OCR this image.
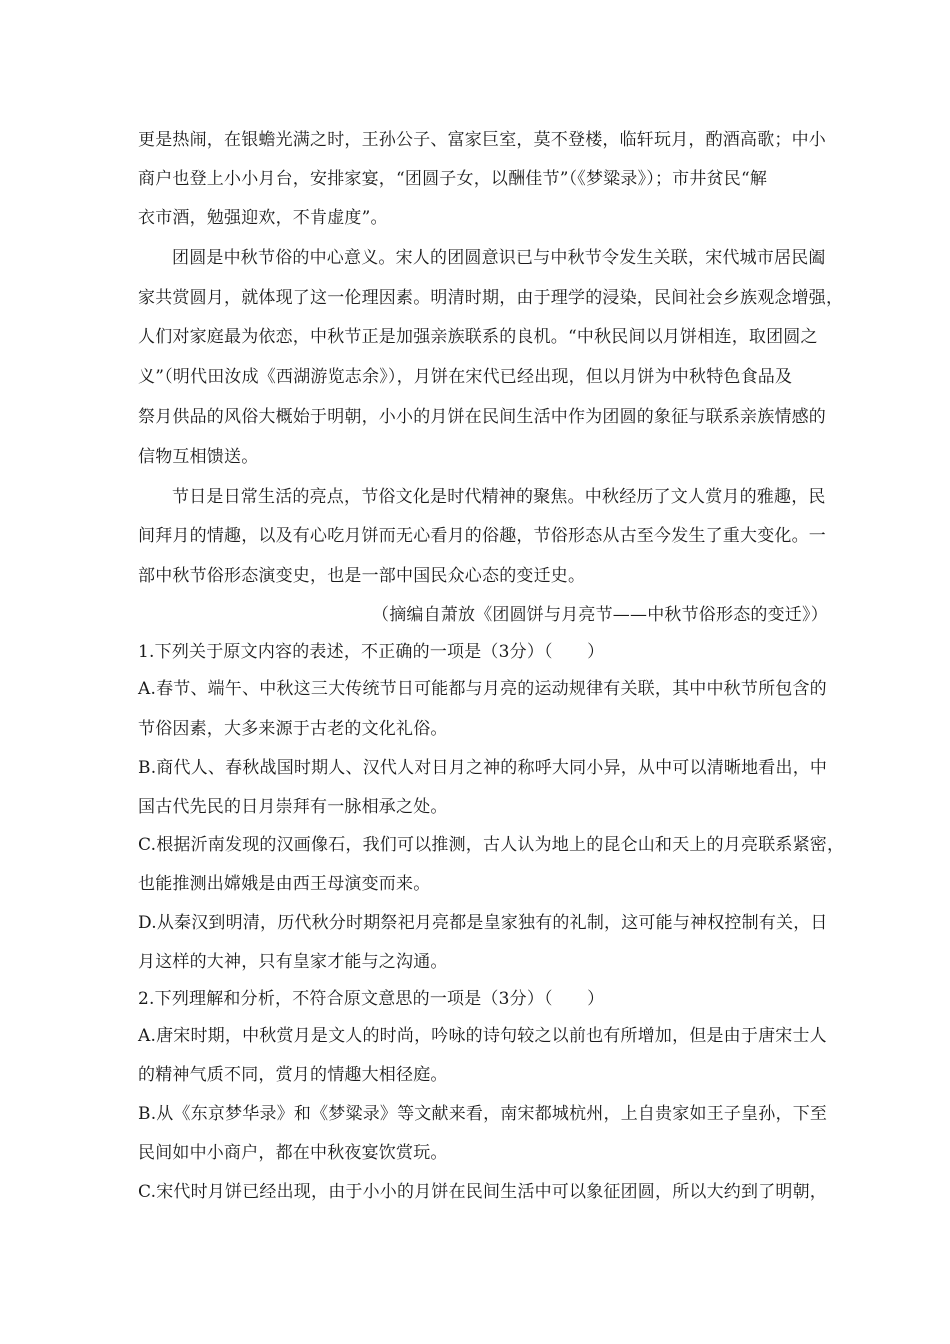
更是热闹，在银蟾光满之时，王孙公子、富家巨室，莫不登楼，临轩玩月，酌酒高歌；中小
商户也登上小小月台，安排家宴，“团圆子女，以酬佳节”（《梦粱录》）；市井贫民“解
衣市酒，勉强迎欢，不肯虚度”。
团圆是中秋节俗的中心意义。宋人的团圆意识已与中秋节令发生关联，宋代城市居民阖
家共赏圆月，就体现了这一伦理因素。明清时期，由于理学的浸染，民间社会乡族观念增强，
人们对家庭最为依恋，中秋节正是加强亲族联系的良机。“中秋民间以月饼相连，取团圆之
义”（明代田汝成《西湖游览志余》），月饼在宋代已经出现，但以月饼为中秋特色食品及
祭月供品的风俗大概始于明朝，小小的月饼在民间生活中作为团圆的象征与联系亲族情感的
信物互相馈送。
节日是日常生活的亮点，节俗文化是时代精神的聚焦。中秋经历了文人赏月的雅趣，民
间拜月的情趣，以及有心吃月饼而无心看月的俗趣，节俗形态从古至今发生了重大变化。一
部中秋节俗形态演变史，也是一部中国民众心态的变迁史。
（摘编自萧放《团圆饼与月亮节——中秋节俗形态的变迁》）
1.下列关于原文内容的表述，不正确的一项是（3分）（　　）
A.春节、端午、中秋这三大传统节日可能都与月亮的运动规律有关联，其中中秋节所包含的
节俗因素，大多来源于古老的文化礼俗。
B.商代人、春秋战国时期人、汉代人对日月之神的称呼大同小异，从中可以清晰地看出，中
国古代先民的日月崇拜有一脉相承之处。
C.根据沂南发现的汉画像石，我们可以推测，古人认为地上的昆仑山和天上的月亮联系紧密，
也能推测出嫦娥是由西王母演变而来。
D.从秦汉到明清，历代秋分时期祭祀月亮都是皇家独有的礼制，这可能与神权控制有关，日
月这样的大神，只有皇家才能与之沟通。
2.下列理解和分析，不符合原文意思的一项是（3分）（　　）
A.唐宋时期，中秋赏月是文人的时尚，吟咏的诗句较之以前也有所增加，但是由于唐宋士人
的精神气质不同，赏月的情趣大相径庭。
B.从《东京梦华录》和《梦粱录》等文献来看，南宋都城杭州，上自贵家如王子皇孙，下至
民间如中小商户，都在中秋夜宴饮赏玩。
C.宋代时月饼已经出现，由于小小的月饼在民间生活中可以象征团圆，所以大约到了明朝，
